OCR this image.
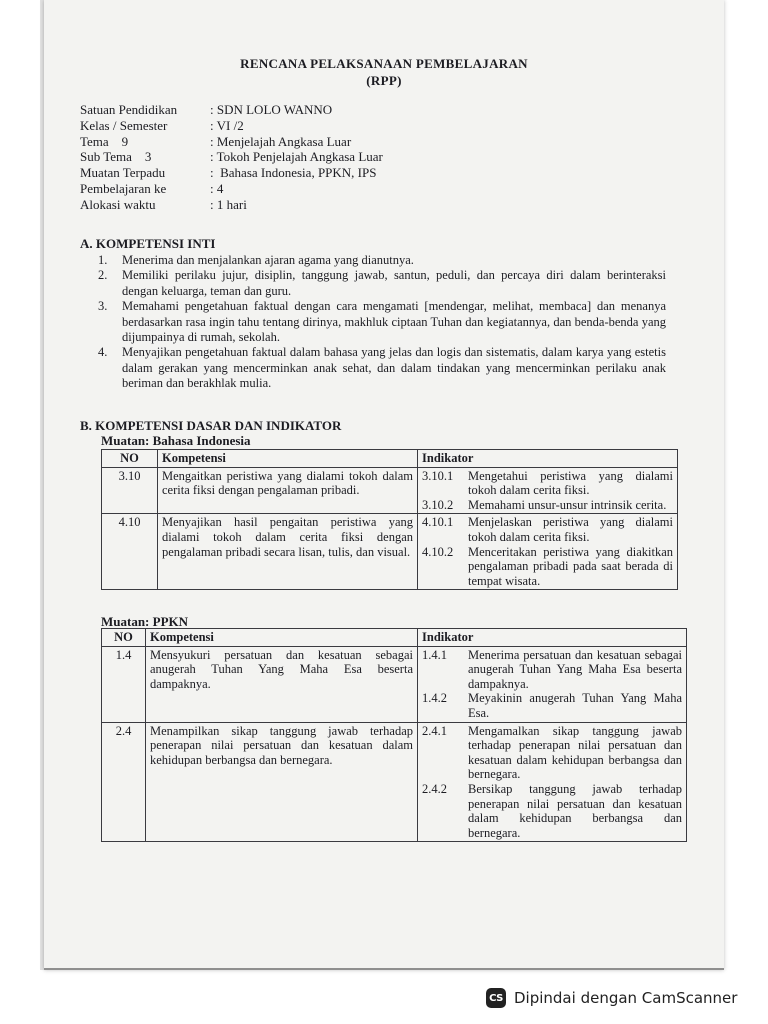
RENCANA PELAKSANAAN PEMBELAJARAN
(RPP)
Satuan Pendidikan	: SDN LOLO WANNO
Kelas / Semester	: VI /2
Tema    9	: Menjelajah Angkasa Luar
Sub Tema    3	: Tokoh Penjelajah Angkasa Luar
Muatan Terpadu	:  Bahasa Indonesia, PPKN, IPS
Pembelajaran ke	: 4
Alokasi waktu	: 1 hari
A. KOMPETENSI INTI
1.	Menerima dan menjalankan ajaran agama yang dianutnya.
2.	Memiliki perilaku jujur, disiplin, tanggung jawab, santun, peduli, dan percaya diri dalam berinteraksi dengan keluarga, teman dan guru.
3.	Memahami pengetahuan faktual dengan cara mengamati [mendengar, melihat, membaca] dan menanya berdasarkan rasa ingin tahu tentang dirinya, makhluk ciptaan Tuhan dan kegiatannya, dan benda-benda yang dijumpainya di rumah, sekolah.
4.	Menyajikan pengetahuan faktual dalam bahasa yang jelas dan logis dan sistematis, dalam karya yang estetis dalam gerakan yang mencerminkan anak sehat, dan dalam tindakan yang mencerminkan perilaku anak beriman dan berakhlak mulia.
B. KOMPETENSI DASAR DAN INDIKATOR
Muatan: Bahasa Indonesia
NO	Kompetensi	Indikator
3.10	Mengaitkan peristiwa yang dialami tokoh dalam cerita fiksi dengan pengalaman pribadi.	3.10.1 Mengetahui peristiwa yang dialami tokoh dalam cerita fiksi.
3.10.2 Memahami unsur-unsur intrinsik cerita.

4.10	Menyajikan hasil pengaitan peristiwa yang dialami tokoh dalam cerita fiksi dengan pengalaman pribadi secara lisan, tulis, dan visual.	4.10.1 Menjelaskan peristiwa yang dialami tokoh dalam cerita fiksi.
4.10.2 Menceritakan peristiwa yang diakitkan pengalaman pribadi pada saat berada di tempat wisata.
Muatan: PPKN
NO	Kompetensi	Indikator
1.4	Mensyukuri persatuan dan kesatuan sebagai anugerah Tuhan Yang Maha Esa beserta dampaknya.	1.4.1 Menerima persatuan dan kesatuan sebagai anugerah Tuhan Yang Maha Esa beserta dampaknya.
1.4.2 Meyakinin anugerah Tuhan Yang Maha Esa.

2.4	Menampilkan sikap tanggung jawab terhadap penerapan nilai persatuan dan kesatuan dalam kehidupan berbangsa dan bernegara.	2.4.1 Mengamalkan sikap tanggung jawab terhadap penerapan nilai persatuan dan kesatuan dalam kehidupan berbangsa dan bernegara.
2.4.2 Bersikap tanggung jawab terhadap penerapan nilai persatuan dan kesatuan dalam kehidupan berbangsa dan bernegara.
CS Dipindai dengan CamScanner
